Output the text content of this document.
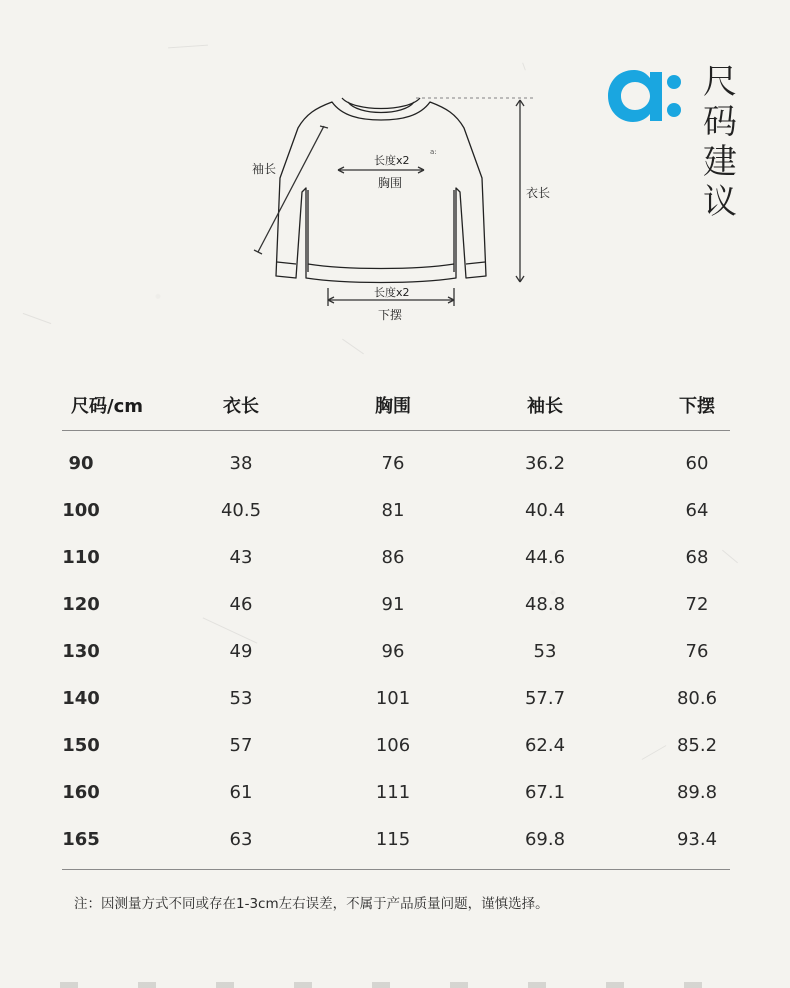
尺
码
建
议
袖长
长度x2
a:
胸围
衣长
长度x2
下摆
尺码/cm	衣长	胸围	袖长	下摆
90	38	76	36.2	60
100	40.5	81	40.4	64
110	43	86	44.6	68
120	46	91	48.8	72
130	49	96	53	76
140	53	101	57.7	80.6
150	57	106	62.4	85.2
160	61	111	67.1	89.8
165	63	115	69.8	93.4
注：因测量方式不同或存在1-3cm左右误差，不属于产品质量问题，谨慎选择。
